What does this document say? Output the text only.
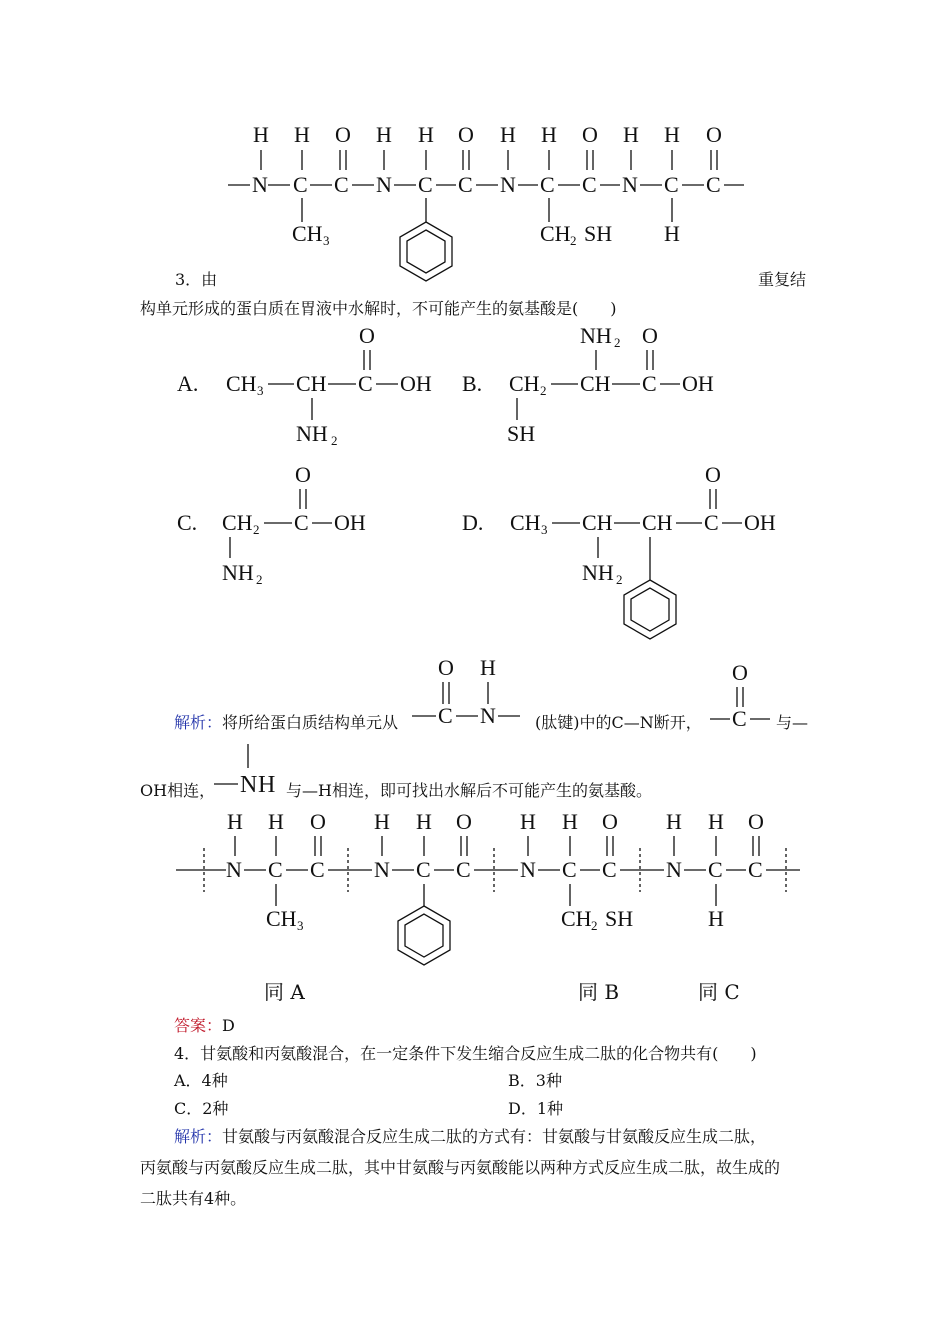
N C C N C C N C C N C C
H H O H H O H H O H H O
CH 3	CH 2 SH H
A. CH 3 CH C OH
O
NH 2
B. CH 2 CH C OH
NH 2 O
SH
C. CH 2 C OH
O
NH 2
D. CH 3 CH CH C OH
O
NH 2
O H
C N
O
C
N H
N C C N C C N C C N C C
H H O H H O H H O H H O
CH 3	CH 2 SH	H
3．由	重复结
构单元形成的蛋白质在胃液中水解时，不可能产生的氨基酸是(　　)
解析：将所给蛋白质结构单元从	(肽键)中的C—N断开，	与—
OH相连，	与—H相连，即可找出水解后不可能产生的氨基酸。
同 A	同 B	同 C
答案：D
4．甘氨酸和丙氨酸混合，在一定条件下发生缩合反应生成二肽的化合物共有(　　)
A．4种	B．3种
C．2种	D．1种
解析：甘氨酸与丙氨酸混合反应生成二肽的方式有：甘氨酸与甘氨酸反应生成二肽，丙氨酸与丙氨酸反应生成二肽，其中甘氨酸与丙氨酸能以两种方式反应生成二肽，故生成的二肽共有4种。
